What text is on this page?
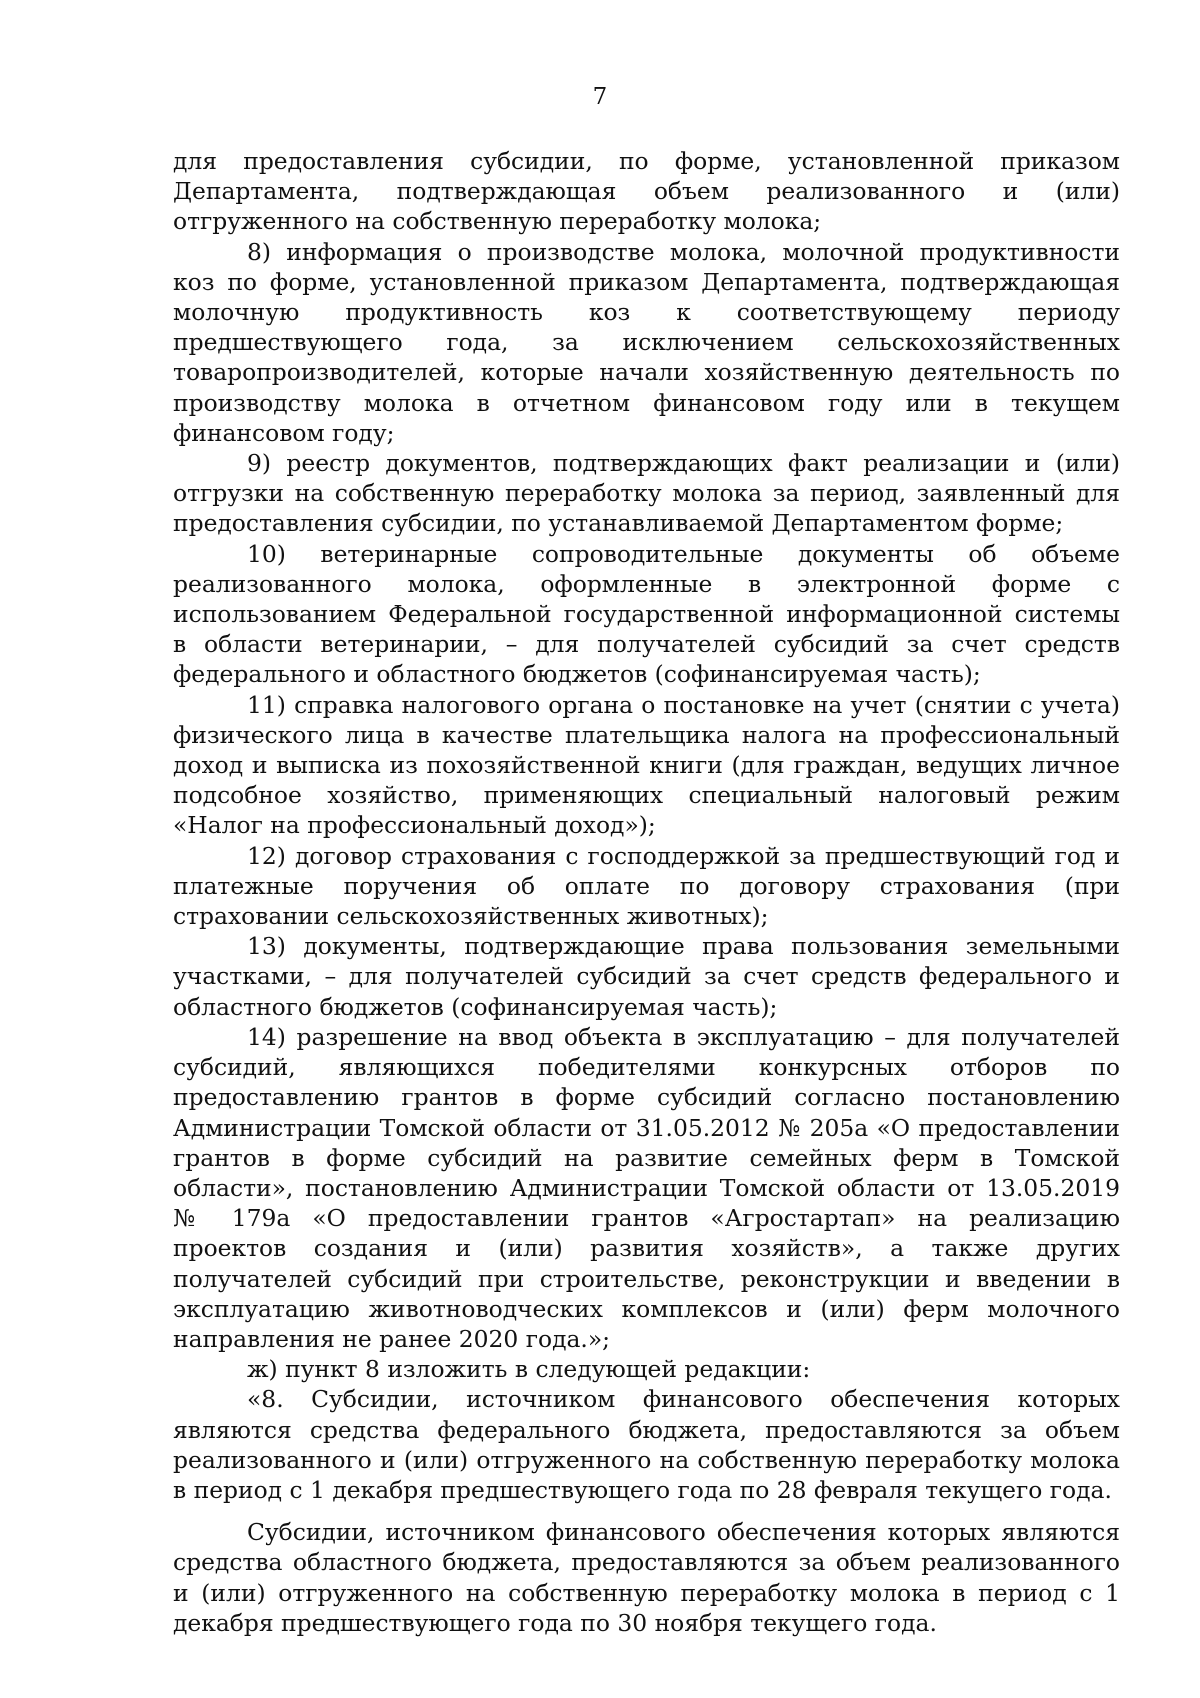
7

для предоставления субсидии, по форме, установленной приказом Департамента, подтверждающая объем реализованного и (или) отгруженного на собственную переработку молока;

8) информация о производстве молока, молочной продуктивности коз по форме, установленной приказом Департамента, подтверждающая молочную продуктивность коз к соответствующему периоду предшествующего года, за исключением сельскохозяйственных товаропроизводителей, которые начали хозяйственную деятельность по производству молока в отчетном финансовом году или в текущем финансовом году;

9) реестр документов, подтверждающих факт реализации и (или) отгрузки на собственную переработку молока за период, заявленный для предоставления субсидии, по устанавливаемой Департаментом форме;

10) ветеринарные сопроводительные документы об объеме реализованного молока, оформленные в электронной форме с использованием Федеральной государственной информационной системы в области ветеринарии, – для получателей субсидий за счет средств федерального и областного бюджетов (софинансируемая часть);

11) справка налогового органа о постановке на учет (снятии с учета) физического лица в качестве плательщика налога на профессиональный доход и выписка из похозяйственной книги (для граждан, ведущих личное подсобное хозяйство, применяющих специальный налоговый режим «Налог на профессиональный доход»);

12) договор страхования с господдержкой за предшествующий год и платежные поручения об оплате по договору страхования (при страховании сельскохозяйственных животных);

13) документы, подтверждающие права пользования земельными участками, – для получателей субсидий за счет средств федерального и областного бюджетов (софинансируемая часть);

14) разрешение на ввод объекта в эксплуатацию – для получателей субсидий, являющихся победителями конкурсных отборов по предоставлению грантов в форме субсидий согласно постановлению Администрации Томской области от 31.05.2012 № 205а «О предоставлении грантов в форме субсидий на развитие семейных ферм в Томской области», постановлению Администрации Томской области от 13.05.2019 № 179а «О предоставлении грантов «Агростартап» на реализацию проектов создания и (или) развития хозяйств», а также других получателей субсидий при строительстве, реконструкции и введении в эксплуатацию животноводческих комплексов и (или) ферм молочного направления не ранее 2020 года.»;

ж) пункт 8 изложить в следующей редакции:

«8. Субсидии, источником финансового обеспечения которых являются средства федерального бюджета, предоставляются за объем реализованного и (или) отгруженного на собственную переработку молока в период с 1 декабря предшествующего года по 28 февраля текущего года.

Субсидии, источником финансового обеспечения которых являются средства областного бюджета, предоставляются за объем реализованного и (или) отгруженного на собственную переработку молока в период с 1 декабря предшествующего года по 30 ноября текущего года.
